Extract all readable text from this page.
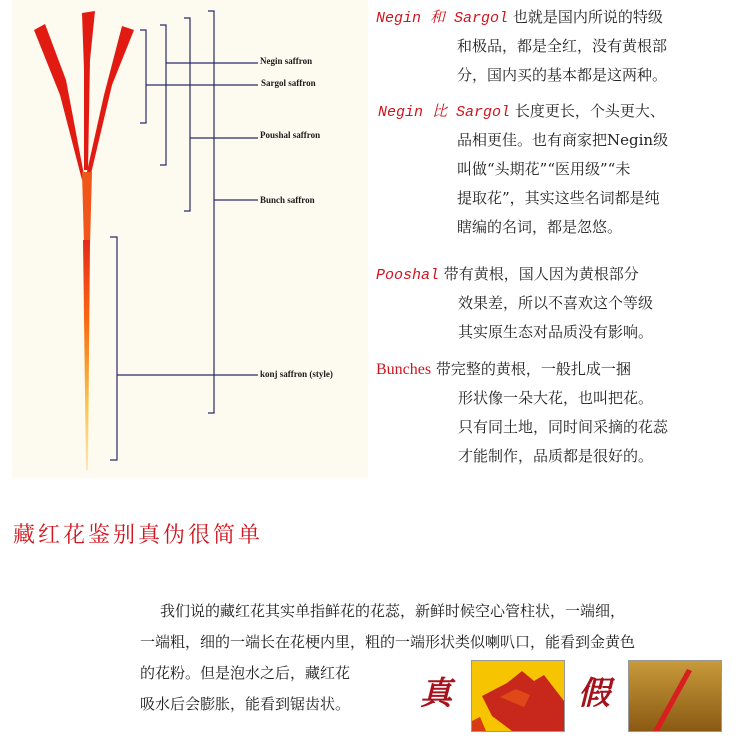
Negin saffron
Sargol saffron
Poushal saffron
Bunch saffron
konj saffron (style)
Negin 和 Sargol 也就是国内所说的特级
和极品，都是全红，没有黄根部
分，国内买的基本都是这两种。
Negin 比 Sargol 长度更长，个头更大、
品相更佳。也有商家把Negin级
叫做“头期花”“医用级”“未
提取花”，其实这些名词都是纯
瞎编的名词，都是忽悠。
Pooshal 带有黄根，国人因为黄根部分
效果差，所以不喜欢这个等级
其实原生态对品质没有影响。
Bunches 带完整的黄根，一般扎成一捆
形状像一朵大花，也叫把花。
只有同土地，同时间采摘的花蕊
才能制作，品质都是很好的。
藏红花鉴别真伪很简单
我们说的藏红花其实单指鲜花的花蕊，新鲜时候空心管柱状，一端细，
一端粗，细的一端长在花梗内里，粗的一端形状类似喇叭口，能看到金黄色
的花粉。但是泡水之后，藏红花
吸水后会膨胀，能看到锯齿状。 真	假
